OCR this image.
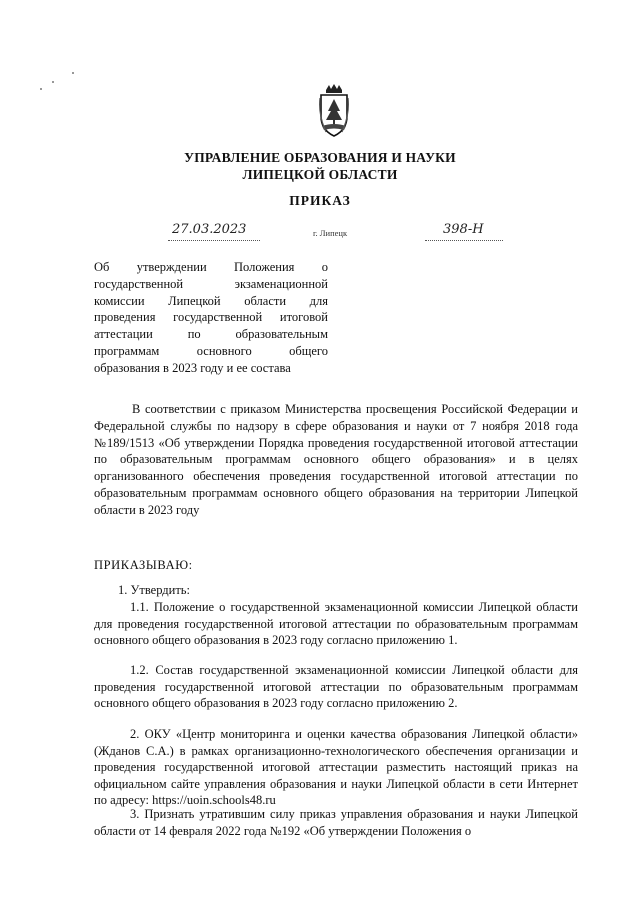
УПРАВЛЕНИЕ ОБРАЗОВАНИЯ И НАУКИ
ЛИПЕЦКОЙ ОБЛАСТИ
ПРИКАЗ
27.03.2023	г. Липецк	398-Н
Об утверждении Положения о государственной экзаменационной комиссии Липецкой области для проведения государственной итоговой аттестации по образовательным программам основного общего образования в 2023 году и ее состава
В соответствии с приказом Министерства просвещения Российской Федерации и Федеральной службы по надзору в сфере образования и науки от 7 ноября 2018 года №189/1513 «Об утверждении Порядка проведения государственной итоговой аттестации по образовательным программам основного общего образования» и в целях организованного обеспечения проведения государственной итоговой аттестации по образовательным программам основного общего образования на территории Липецкой области в 2023 году
ПРИКАЗЫВАЮ:
1. Утвердить:
1.1. Положение о государственной экзаменационной комиссии Липецкой области для проведения государственной итоговой аттестации по образовательным программам основного общего образования в 2023 году согласно приложению 1.
1.2. Состав государственной экзаменационной комиссии Липецкой области для проведения государственной итоговой аттестации по образовательным программам основного общего образования в 2023 году согласно приложению 2.
2. ОКУ «Центр мониторинга и оценки качества образования Липецкой области» (Жданов С.А.) в рамках организационно-технологического обеспечения организации и проведения государственной итоговой аттестации разместить настоящий приказ на официальном сайте управления образования и науки Липецкой области в сети Интернет по адресу: https://uoin.schools48.ru
3. Признать утратившим силу приказ управления образования и науки Липецкой области от 14 февраля 2022 года №192 «Об утверждении Положения о
